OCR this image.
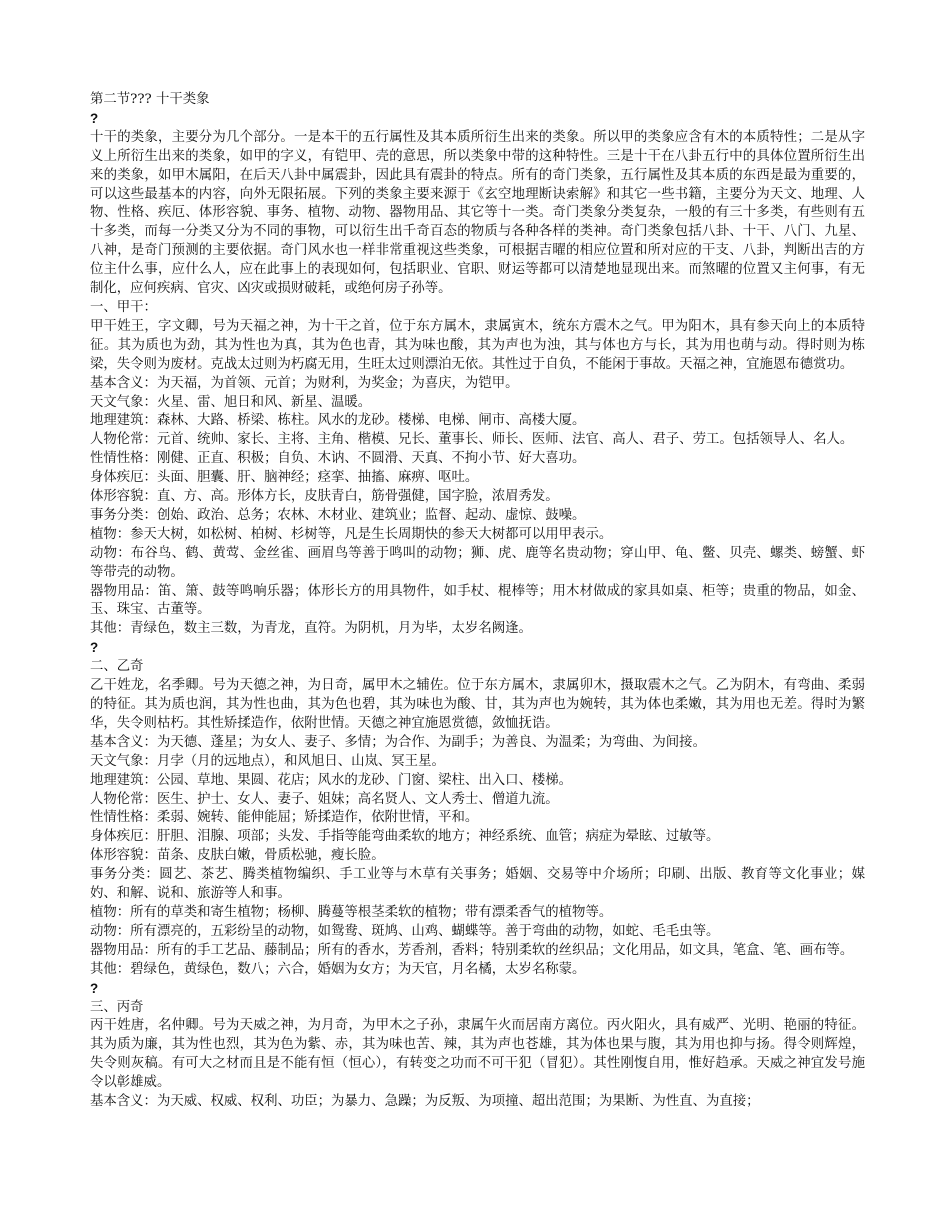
第二节??? 十干类象
?
十干的类象，主要分为几个部分。一是本干的五行属性及其本质所衍生出来的类象。所以甲的类象应含有木的本质特性；二是从字义上所衍生出来的类象，如甲的字义，有铠甲、壳的意思，所以类象中带的这种特性。三是十干在八卦五行中的具体位置所衍生出来的类象，如甲木属阳，在后天八卦中属震卦，因此具有震卦的特点。所有的奇门类象，五行属性及其本质的东西是最为重要的，可以这些最基本的内容，向外无限拓展。下列的类象主要来源于《玄空地理断诀索解》和其它一些书籍，主要分为天文、地理、人物、性格、疾厄、体形容貌、事务、植物、动物、器物用品、其它等十一类。奇门类象分类复杂，一般的有三十多类，有些则有五十多类，而每一分类又分为不同的事物，可以衍生出千奇百态的物质与各种各样的类神。奇门类象包括八卦、十干、八门、九星、八神，是奇门预测的主要依据。奇门风水也一样非常重视这些类象，可根据吉曜的相应位置和所对应的干支、八卦，判断出吉的方位主什么事，应什么人，应在此事上的表现如何，包括职业、官职、财运等都可以清楚地显现出来。而煞曜的位置又主何事，有无制化，应何疾病、官灾、凶灾或损财破耗，或绝何房子孙等。
一、甲干：
甲干姓王，字文卿，号为天福之神，为十干之首，位于东方属木，隶属寅木，统东方震木之气。甲为阳木，具有参天向上的本质特征。其为质也为劲，其为性也为真，其为色也青，其为味也酸，其为声也为浊，其与体也方与长，其为用也萌与动。得时则为栋梁，失令则为废材。克战太过则为朽腐无用，生旺太过则漂泊无依。其性过于自负，不能闲于事故。天福之神，宜施恩布德赏功。
基本含义：为天福，为首领、元首；为财利，为奖金；为喜庆，为铠甲。
天文气象：火星、雷、旭日和风、新星、温暖。
地理建筑：森林、大路、桥梁、栋柱。风水的龙砂。楼梯、电梯、闸市、高楼大厦。
人物伦常：元首、统帅、家长、主将、主角、楷模、兄长、董事长、师长、医师、法官、高人、君子、劳工。包括领导人、名人。
性情性格：刚健、正直、积极；自负、木讷、不圆滑、天真、不拘小节、好大喜功。
身体疾厄：头面、胆囊、肝、脑神经；痉挛、抽搐、麻痹、呕吐。
体形容貌：直、方、高。形体方长，皮肤青白，筋骨强健，国字脸，浓眉秀发。
事务分类：创始、政治、总务；农林、木材业、建筑业；监督、起动、虚惊、鼓噪。
植物：参天大树，如松树、柏树、杉树等，凡是生长周期快的参天大树都可以用甲表示。
动物：布谷鸟、鹤、黄莺、金丝雀、画眉鸟等善于鸣叫的动物；狮、虎、鹿等名贵动物；穿山甲、龟、鳖、贝壳、螺类、螃蟹、虾等带壳的动物。
器物用品：笛、箫、鼓等鸣响乐器；体形长方的用具物件，如手杖、棍棒等；用木材做成的家具如桌、柜等；贵重的物品，如金、玉、珠宝、古董等。
其他：青绿色，数主三数，为青龙，直符。为阴机，月为毕，太岁名阙逢。
?
二、乙奇
乙干姓龙，名季卿。号为天德之神，为日奇，属甲木之辅佐。位于东方属木，隶属卯木，摄取震木之气。乙为阴木，有弯曲、柔弱的特征。其为质也润，其为性也曲，其为色也碧，其为味也为酸、甘，其为声也为婉转，其为体也柔嫩，其为用也无差。得时为繁华，失令则枯朽。其性矫揉造作，依附世情。天德之神宜施恩赏德，敛恤抚诰。
基本含义：为天德、蓬星；为女人、妻子、多情；为合作、为副手；为善良、为温柔；为弯曲、为间接。
天文气象：月孛（月的远地点），和风旭日、山岚、冥王星。
地理建筑：公园、草地、果圆、花店；风水的龙砂、门窗、梁柱、出入口、楼梯。
人物伦常：医生、护士、女人、妻子、姐妹；高名贤人、文人秀士、僧道九流。
性情性格：柔弱、婉转、能伸能屈；矫揉造作，依附世情，平和。
身体疾厄：肝胆、泪腺、项部；头发、手指等能弯曲柔软的地方；神经系统、血管；病症为晕眩、过敏等。
体形容貌：苗条、皮肤白嫩，骨质松驰，瘦长脸。
事务分类：圆艺、茶艺、腾类植物编织、手工业等与木草有关事务；婚姻、交易等中介场所；印刷、出版、教育等文化事业；媒妁、和解、说和、旅游等人和事。
植物：所有的草类和寄生植物；杨柳、腾蔓等根茎柔软的植物；带有漂柔香气的植物等。
动物：所有漂亮的，五彩纷呈的动物，如鸳鸯、斑鸠、山鸡、蝴蝶等。善于弯曲的动物，如蛇、毛毛虫等。
器物用品：所有的手工艺品、藤制品；所有的香水，芳香剂，香料；特别柔软的丝织品；文化用品，如文具，笔盒、笔、画布等。
其他：碧绿色，黄绿色，数八；六合，婚姻为女方；为天官，月名橘，太岁名称蒙。
?
三、丙奇
丙干姓唐，名仲卿。号为天威之神，为月奇，为甲木之子孙，隶属午火而居南方离位。丙火阳火，具有威严、光明、艳丽的特征。其为质为廉，其为性也烈，其为色为紫、赤，其为味也苦、辣，其为声也苍雄，其为体也果与腹，其为用也抑与扬。得令则辉煌，失令则灰稿。有可大之材而且是不能有恒（恒心），有转变之功而不可干犯（冒犯）。其性刚愎自用，惟好趋承。天威之神宜发号施令以彰雄威。
基本含义：为天威、权威、权利、功臣；为暴力、急躁；为反叛、为项撞、超出范围；为果断、为性直、为直接；
